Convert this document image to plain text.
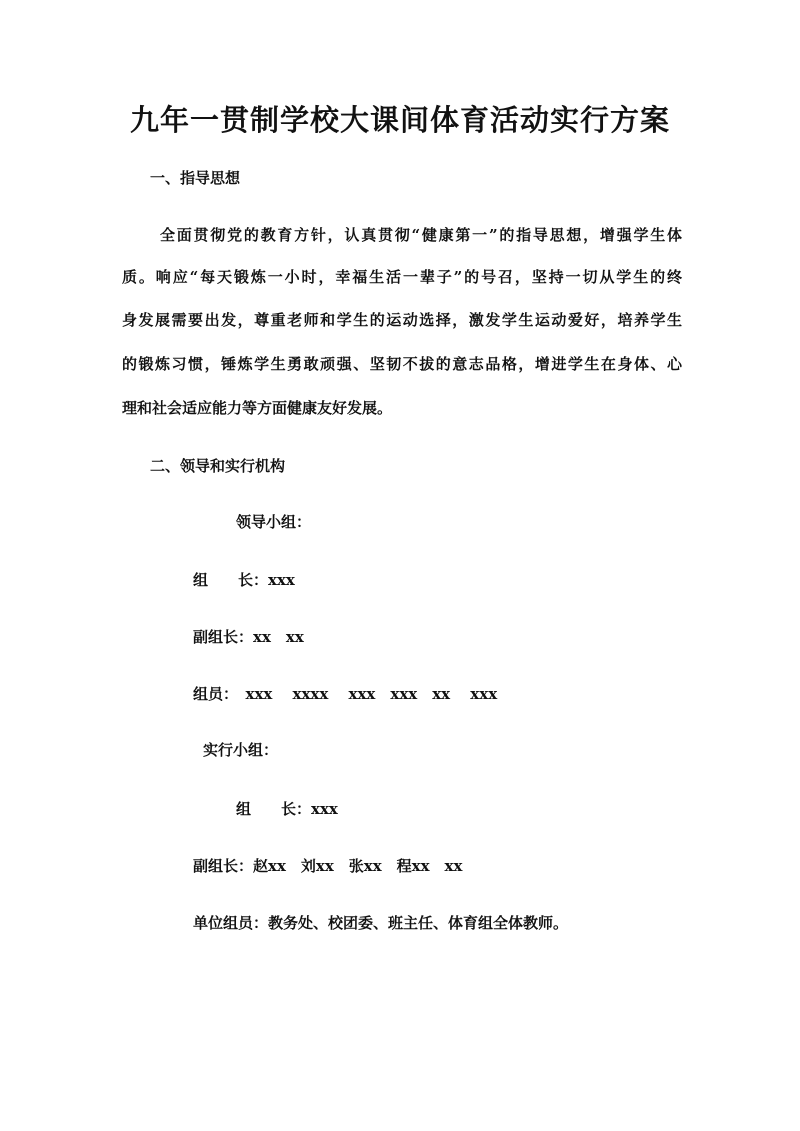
九年一贯制学校大课间体育活动实行方案
一、指导思想
全面贯彻党的教育方针，认真贯彻“健康第一”的指导思想，增强学生体
质。响应“每天锻炼一小时，幸福生活一辈子”的号召，坚持一切从学生的终
身发展需要出发，尊重老师和学生的运动选择，激发学生运动爱好，培养学生
的锻炼习惯，锤炼学生勇敢顽强、坚韧不拔的意志品格，增进学生在身体、心
理和社会适应能力等方面健康友好发展。
二、领导和实行机构
领导小组：
组　　长：xxx
副组长：xx　xx
组员：　xxx　 xxxx　 xxx　xxx　xx　 xxx
实行小组：
组　　长：xxx
副组长：赵xx　刘xx　张xx　程xx　xx
单位组员：教务处、校团委、班主任、体育组全体教师。
